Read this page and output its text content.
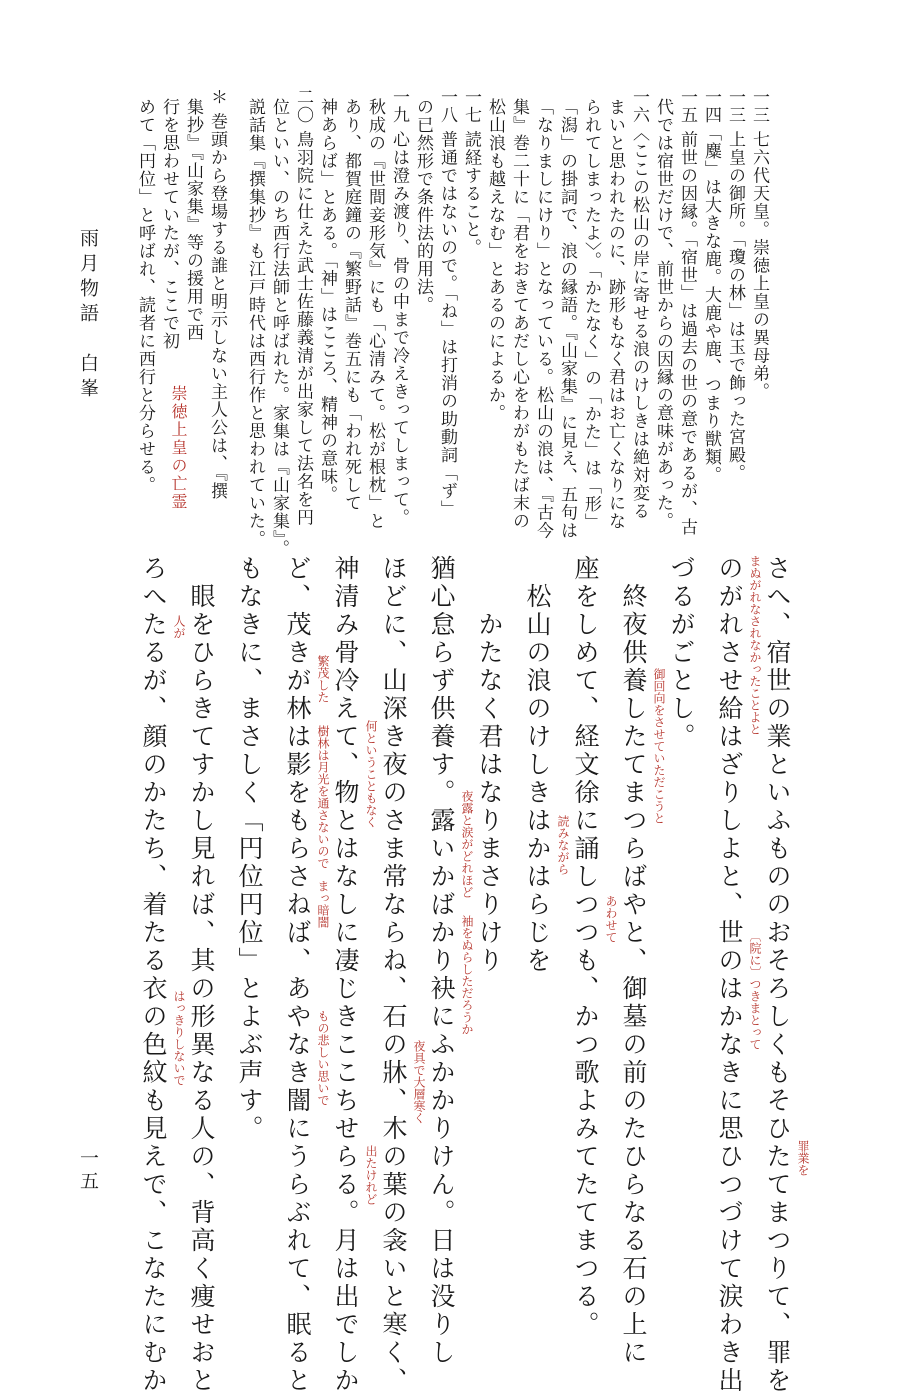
雨月物語　白峯
一五
一三 七六代天皇。崇徳上皇の異母弟。
一三 上皇の御所。「瓊の林」は玉で飾った宮殿。
一四「麋」は大きな鹿。大鹿や鹿、つまり獣類。
一五 前世の因縁。「宿世」は過去の世の意であるが、古
代では宿世だけで、前世からの因縁の意味があった。
一六〈ここの松山の岸に寄せる浪のけしきは絶対変る
まいと思われたのに、跡形もなく君はお亡くなりにな
られてしまったよ〉。「かたなく」の「かた」は「形」
「潟」の掛詞で、浪の縁語。『山家集』に見え、五句は
「なりましにけり」となっている。松山の浪は、『古今
集』巻二十に「君をおきてあだし心をわがもたば末の
松山浪も越えなむ」とあるのによるか。
一七 読経すること。
一八 普通ではないので。「ね」は打消の助動詞「ず」
の已然形で条件法的用法。
一九 心は澄み渡り、骨の中まで冷えきってしまって。
秋成の『世間妾形気』にも「心清みて。松が根枕」と
あり、都賀庭鐘の『繁野話』巻五にも「われ死して
神あらば」とある。「神」はこころ、精神の意味。
二〇 鳥羽院に仕えた武士佐藤義清が出家して法名を円
位といい、のち西行法師と呼ばれた。家集は『山家集』。
説話集『撰集抄』も江戸時代は西行作と思われていた。
＊ 巻頭から登場する誰と明示しない主人公は、『撰
集抄』『山家集』等の援用で西
行を思わせていたが、ここで初
めて「円位」と呼ばれ、読者に西行と分らせる。 崇徳上皇の亡霊
さへ、宿世の業といふもののおそろしくもそひたてまつりて、罪を
のがれさせ給はざりしよと、世のはかなきに思ひつづけて涙わき出
づるがごとし。
終夜供養したてまつらばやと、御墓の前のたひらなる石の上に
座をしめて、経文徐に誦しつつも、かつ歌よみてたてまつる。
松山の浪のけしきはかはらじを
かたなく君はなりまさりけり
猶心怠らず供養す。露いかばかり袂にふかかりけん。日は没りし
ほどに、山深き夜のさま常ならね、石の牀、木の葉の衾いと寒く、
神清み骨冷えて、物とはなしに凄じきここちせらる。月は出でしか
ど、茂きが林は影をもらさねば、あやなき闇にうらぶれて、眠ると
もなきに、まさしく「円位円位」とよぶ声す。
眼をひらきてすかし見れば、其の形異なる人の、背高く痩せおと
ろへたるが、顔のかたち、着たる衣の色紋も見えで、こなたにむか	罪業を
〔院に〕つきまとって
まぬがれなされなかったことよと
御回向をさせていただこうと
読みながら
あわせて
夜露と涙がどれほど
袖をぬらしただろうか
夜具で大層寒く
何ということもなく
もの悲しい思いで
出たけれど
繁茂した
樹林は月光を通さないので
まっ暗闇
人が
はっきりしないで
